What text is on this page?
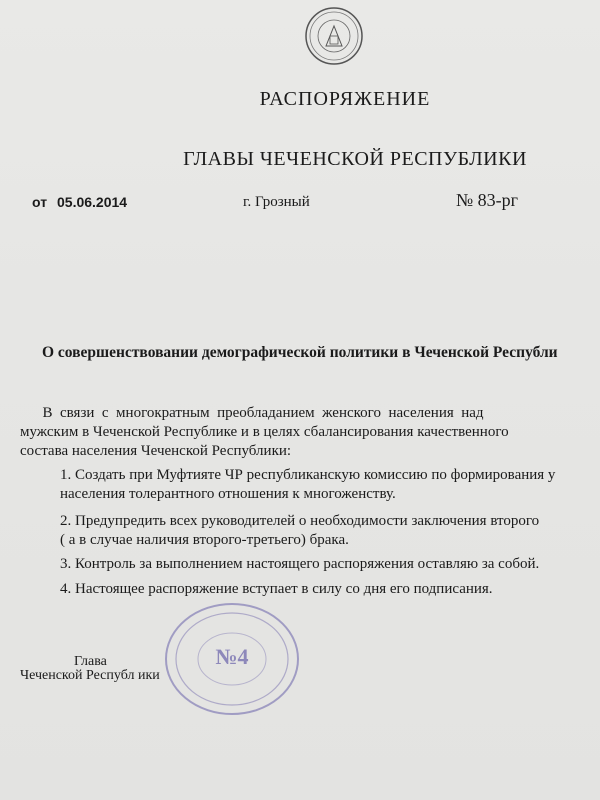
РАСПОРЯЖЕНИЕ
ГЛАВЫ ЧЕЧЕНСКОЙ РЕСПУБЛИКИ
от 05.06.2014	г. Грозный	№ 83-рг
О совершенствовании демографической политики в Чеченской Республи
В  связи  с  многократным  преобладанием  женского  населения  над
мужским в Чеченской Республике и в целях сбалансирования качественного
состава населения Чеченской Республики:
1. Создать при Муфтияте ЧР республиканскую комиссию по формирования у
населения толерантного отношения к многоженству.
2. Предупредить всех руководителей о необходимости заключения второго
( а в случае наличия второго-третьего) брака.
3. Контроль за выполнением настоящего распоряжения оставляю за собой.
4. Настоящее распоряжение вступает в силу со дня его подписания.
№4
Глава
Чеченской Республ ики
